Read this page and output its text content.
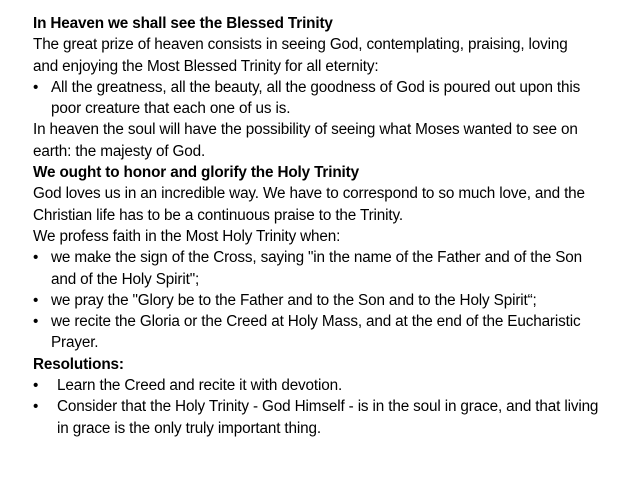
In Heaven we shall see the Blessed Trinity
The great prize of heaven consists in seeing God, contemplating, praising, loving and enjoying the Most Blessed Trinity for all eternity:
• All the greatness, all the beauty, all the goodness of God is poured out upon this poor creature that each one of us is.
In heaven the soul will have the possibility of seeing what Moses wanted to see on earth: the majesty of God.
We ought to honor and glorify the Holy Trinity
God loves us in an incredible way. We have to correspond to so much love, and the Christian life has to be a continuous praise to the Trinity.
We profess faith in the Most Holy Trinity when:
• we make the sign of the Cross, saying "in the name of the Father and of the Son and of the Holy Spirit";
• we pray the "Glory be to the Father and to the Son and to the Holy Spirit“;
• we recite the Gloria or the Creed at Holy Mass, and at the end of the Eucharistic Prayer.
Resolutions:
•	Learn the Creed and recite it with devotion.
•	Consider that the Holy Trinity - God Himself - is in the soul in grace, and that living in grace is the only truly important thing.
